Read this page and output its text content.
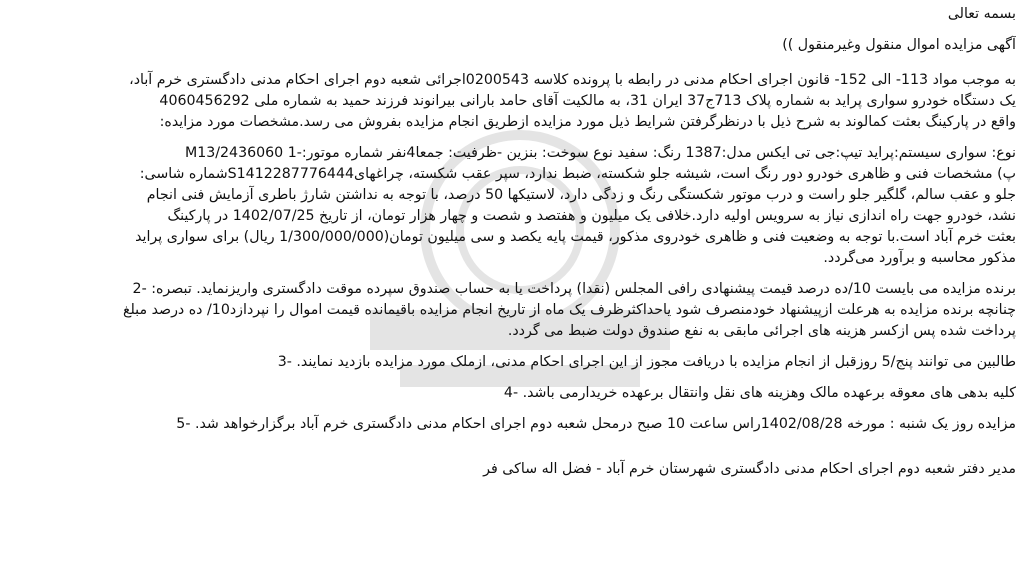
بسمه تعالی
آگهی مزایده اموال منقول وغیرمنقول ))
به موجب مواد 113- الی 152- قانون اجرای احکام مدنی در رابطه با پرونده کلاسه 0200543اجرائی شعبه دوم اجرای احکام مدنی دادگستری خرم آباد،
یک دستگاه خودرو سواری پراید به شماره پلاک 713ج37 ایران 31، به مالکیت آقای حامد بارانی بیرانوند فرزند حمید به شماره ملی 4060456292
واقع در پارکینگ بعثت کمالوند به شرح ذیل با درنظرگرفتن شرایط ذیل مورد مزایده ازطریق انجام مزایده بفروش می رسد.مشخصات مورد مزایده:
نوع: سواری سیستم:پراید تیپ:جی تی ایکس مدل:1387 رنگ: سفید نوع سوخت: بنزین -ظرفیت: جمعا4نفر شماره موتور:-1 M13/2436060
پ) مشخصات فنی و ظاهری خودرو دور رنگ است، شیشه جلو شکسته، ضبط ندارد، سپر عقب شکسته، چراغهایS1412287776444شماره شاسی:
جلو و عقب سالم، گلگیر جلو راست و درب موتور شکستگی رنگ و زدگی دارد، لاستیکها 50 درصد، با توجه به نداشتن شارژ باطری آزمایش فنی انجام
نشد، خودرو جهت راه اندازی نیاز به سرویس اولیه دارد.خلافی یک میلیون و هفتصد و شصت و چهار هزار تومان، از تاریخ 1402/07/25 در پارکینگ
بعثت خرم آباد است.با توجه به وضعیت فنی و ظاهری خودروی مذکور، قیمت پایه یکصد و سی میلیون تومان(1/300/000/000 ریال) برای سواری پراید
مذکور محاسبه و برآورد می‌گردد.
برنده مزایده می بایست 10/ده درصد قیمت پیشنهادی رافی المجلس (نقدا) پرداخت یا به حساب صندوق سپرده موقت دادگستری واریزنماید. تبصره: -2
چنانچه برنده مزایده به هرعلت ازپیشنهاد خودمنصرف شود یاحداکثرظرف یک ماه از تاریخ انجام مزایده باقیمانده قیمت اموال را نپردازد10/ ده درصد مبلغ
پرداخت شده پس ازکسر هزینه های اجرائی مابقی به نفع صندوق دولت ضبط می گردد.
طالبین می توانند پنج/5 روزقبل از انجام مزایده با دریافت مجوز از این اجرای احکام مدنی، ازملک مورد مزایده بازدید نمایند. -3
کلیه بدهی های معوقه برعهده مالک وهزینه های نقل وانتقال برعهده خریدارمی باشد. -4
مزایده روز یک شنبه : مورخه 1402/08/28راس ساعت 10 صبح درمحل شعبه دوم اجرای احکام مدنی دادگستری خرم آباد برگزارخواهد شد. -5
مدیر دفتر شعبه دوم اجرای احکام مدنی دادگستری شهرستان خرم آباد - فضل اله ساکی فر
